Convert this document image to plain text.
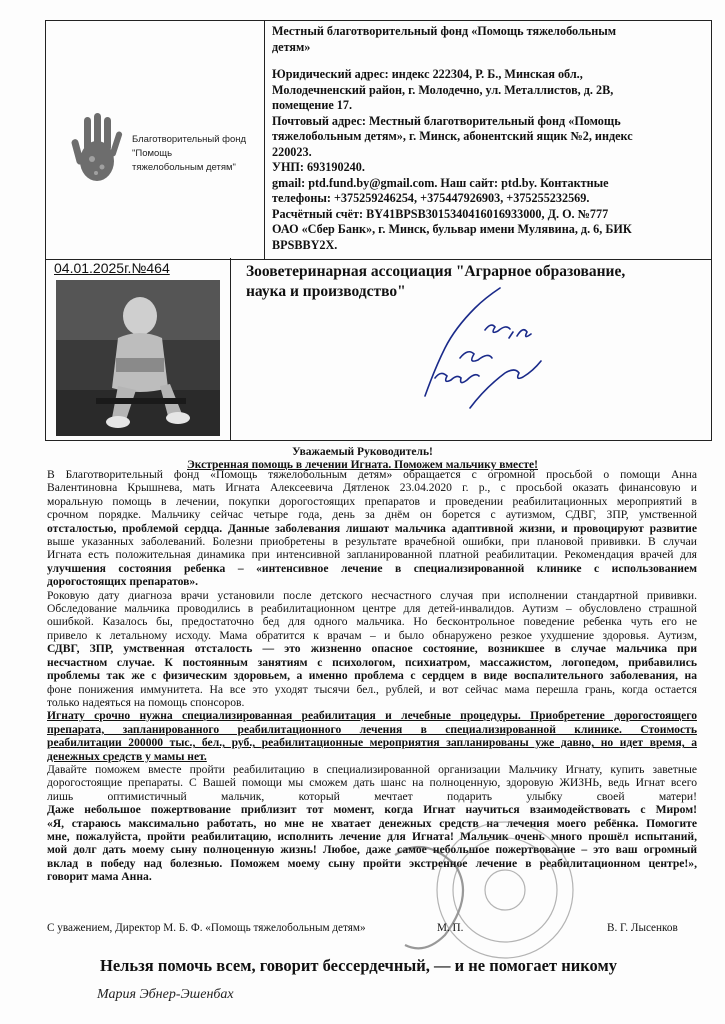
Благотворительный фонд
"Помощь
тяжелобольным детям"
Местный благотворительный фонд «Помощь тяжелобольным
детям»
Юридический адрес: индекс 222304, Р. Б., Минская обл.,
Молодечненский район, г. Молодечно, ул. Металлистов, д. 2В,
помещение 17.
Почтовый адрес: Местный благотворительный фонд «Помощь
тяжелобольным детям», г. Минск, абонентский ящик №2, индекс
220023.
УНП: 693190240.
gmail: ptd.fund.by@gmail.com. Наш сайт: ptd.by. Контактные
телефоны: +375259246254, +375447926903, +375255232569.
Расчётный счёт: BY41BPSB3015340416016933000, Д. О. №777
ОАО «Сбер Банк», г. Минск, бульвар имени Мулявина, д. 6, БИК
BPSBBY2X.
04.01.2025г.№464	Зооветеринарная ассоциация "Аграрное образование,
наука и производство"
Уважаемый Руководитель!
Экстренная помощь в лечении Игната. Поможем мальчику вместе!
В Благотворительный фонд «Помощь тяжелобольным детям» обращается с огромной просьбой о помощи Анна
Валентиновна Крышнева, мать Игната Алексеевича Дятленок 23.04.2020 г. р., с просьбой оказать финансовую и
моральную помощь в лечении, покупки дорогостоящих препаратов и проведении реабилитационных мероприятий в
срочном порядке. Мальчику сейчас четыре года, день за днём он борется с аутизмом, СДВГ, ЗПР, умственной
отсталостью, проблемой сердца. Данные заболевания лишают мальчика адаптивной жизни, и провоцируют развитие
выше указанных заболеваний. Болезни приобретены в результате врачебной ошибки, при плановой прививки. В случаи
Игната есть положительная динамика при интенсивной запланированной платной реабилитации. Рекомендация врачей для
улучшения состояния ребенка – «интенсивное лечение в специализированной клинике с использованием
дорогостоящих препаратов».
Роковую дату диагноза врачи установили после детского несчастного случая при исполнении стандартной прививки.
Обследование мальчика проводились в реабилитационном центре для детей-инвалидов. Аутизм – обусловлено страшной
ошибкой. Казалось бы, предостаточно бед для одного мальчика. Но бесконтрольное поведение ребенка чуть его не
привело к летальному исходу. Мама обратится к врачам – и было обнаружено резкое ухудшение здоровья. Аутизм,
СДВГ, ЗПР, умственная отсталость — это жизненно опасное состояние, возникшее в случае мальчика при
несчастном случае. К постоянным занятиям с психологом, психиатром, массажистом, логопедом, прибавились
проблемы так же с физическим здоровьем, а именно проблема с сердцем в виде воспалительного заболевания, на
фоне понижения иммунитета. На все это уходят тысячи бел., рублей, и вот сейчас мама перешла грань, когда остается
только надеяться на помощь спонсоров.
Игнату срочно нужна специализированная реабилитация и лечебные процедуры. Приобретение дорогостоящего
препарата, запланированного реабилитационного лечения в специализированной клинике. Стоимость
реабилитации 200000 тыс., бел., руб., реабилитационные мероприятия запланированы уже давно, но идет время, а
денежных средств у мамы нет.
Давайте поможем вместе пройти реабилитацию в специализированной организации Мальчику Игнату, купить заветные
дорогостоящие препараты. С Вашей помощи мы сможем дать шанс на полноценную, здоровую ЖИЗНЬ, ведь Игнат всего
лишь оптимистичный мальчик, который мечтает подарить улыбку своей матери!
Даже небольшое пожертвование приблизит тот момент, когда Игнат научиться взаимодействовать с Миром!
«Я, стараюсь максимально работать, но мне не хватает денежных средств на лечения моего ребёнка. Помогите
мне, пожалуйста, пройти реабилитацию, исполнить лечение для Игната! Мальчик очень много прошёл испытаний,
мой долг дать моему сыну полноценную жизнь! Любое, даже самое небольшое пожертвование – это ваш огромный
вклад в победу над болезнью. Поможем моему сыну пройти экстренное лечение в реабилитационном центре!»,
говорит мама Анна.
С уважением, Директор М. Б. Ф. «Помощь тяжелобольным детям»	М. П.	В. Г. Лысенков
Нельзя помочь всем, говорит бессердечный, — и не помогает никому
Мария Эбнер-Эшенбах
